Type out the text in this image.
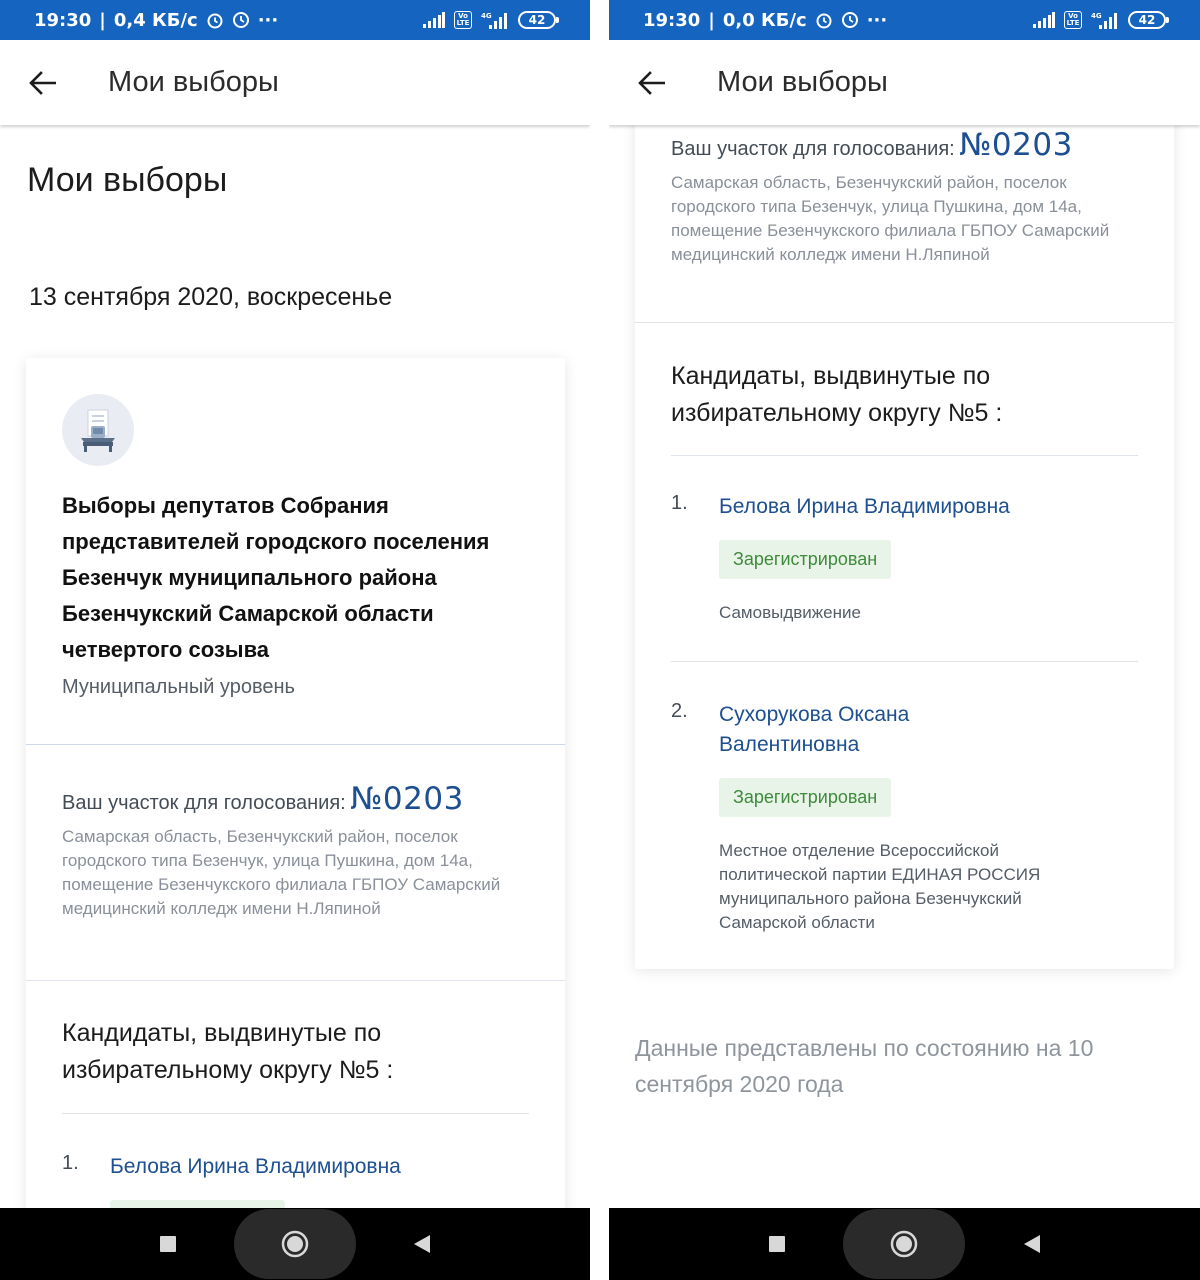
19:30 | 0,4 КБ/с	···	Vo
LTE
4G	42
Мои выборы
Мои выборы
13 сентября 2020, воскресенье
Выборы депутатов Собрания представителей городского поселения Безенчук муниципального района Безенчукский Самарской области четвертого созыва
Муниципальный уровень
Ваш участок для голосования: №0203
Самарская область, Безенчукский район, поселок городского типа Безенчук, улица Пушкина, дом 14а, помещение Безенчукского филиала ГБПОУ Самарский медицинский колледж имени Н.Ляпиной
Кандидаты, выдвинутые по избирательному округу №5 :
1. Белова Ирина Владимировна
19:30 | 0,0 КБ/с	···	Vo
LTE
4G	42
Мои выборы
Ваш участок для голосования: №0203
Самарская область, Безенчукский район, поселок городского типа Безенчук, улица Пушкина, дом 14а, помещение Безенчукского филиала ГБПОУ Самарский медицинский колледж имени Н.Ляпиной
Кандидаты, выдвинутые по избирательному округу №5 :
1. Белова Ирина Владимировна
Зарегистрирован
Самовыдвижение
2. Сухорукова Оксана Валентиновна
Зарегистрирован
Местное отделение Всероссийской политической партии ЕДИНАЯ РОССИЯ муниципального района Безенчукский Самарской области
Данные представлены по состоянию на 10 сентября 2020 года
